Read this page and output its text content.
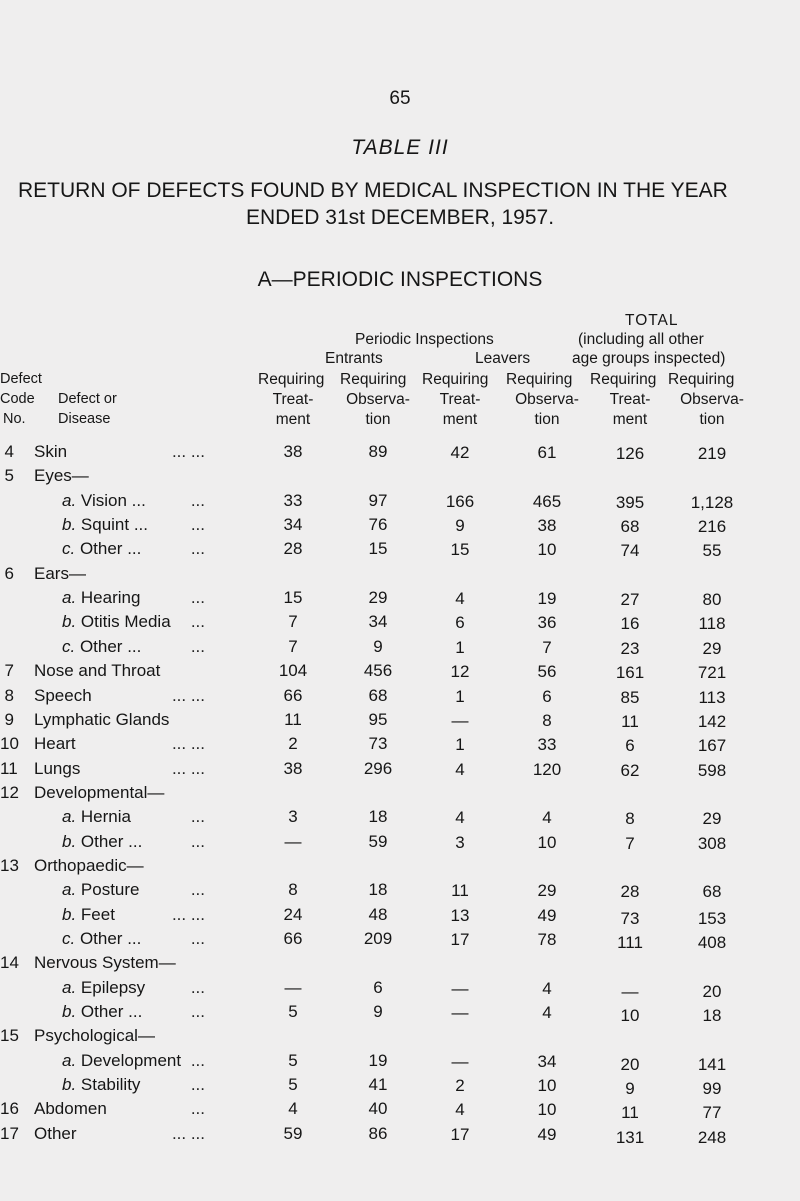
65
TABLE III
RETURN OF DEFECTS FOUND BY MEDICAL INSPECTION IN THE YEAR
ENDED 31st DECEMBER, 1957.
A—PERIODIC INSPECTIONS
TOTAL
Periodic Inspections	(including all other
Entrants	Leavers	age groups inspected)
Defect
Code
No.
Defect or
Disease
Requiring Requiring Requiring Requiring Requiring Requiring
Treat-	Observa-	Treat-	Observa-	Treat-	Observa-
ment	tion	ment	tion	ment	tion
4 Skin	... ...	38	89	42	61	126	219
5 Eyes—
a. Vision ...	...	33	97	166	465	395	1,128
b. Squint ...	...	34	76	9	38	68	216
c. Other ...	...	28	15	15	10	74	55
6 Ears—
a. Hearing	...	15	29	4	19	27	80
b. Otitis Media ...	7	34	6	36	16	118
c. Other ...	...	7	9	1	7	23	29
7 Nose and Throat	104	456	12	56	161	721
8 Speech	... ...	66	68	1	6	85	113
9 Lymphatic Glands	11	95	—	8	11	142
10 Heart	... ...	2	73	1	33	6	167
11 Lungs	... ...	38	296	4	120	62	598
12 Developmental—
a. Hernia	...	3	18	4	4	8	29
b. Other ...	...	—	59	3	10	7	308
13 Orthopaedic—
a. Posture	...	8	18	11	29	28	68
b. Feet	... ...	24	48	13	49	73	153
c. Other ...	...	66	209	17	78	111	408
14 Nervous System—
a. Epilepsy	...	—	6	—	4	—	20
b. Other ...	...	5	9	—	4	10	18
15 Psychological—
a. Development ...	5	19	—	34	20	141
b. Stability	...	5	41	2	10	9	99
16 Abdomen	...	4	40	4	10	11	77
17 Other	... ...	59	86	17	49	131	248
